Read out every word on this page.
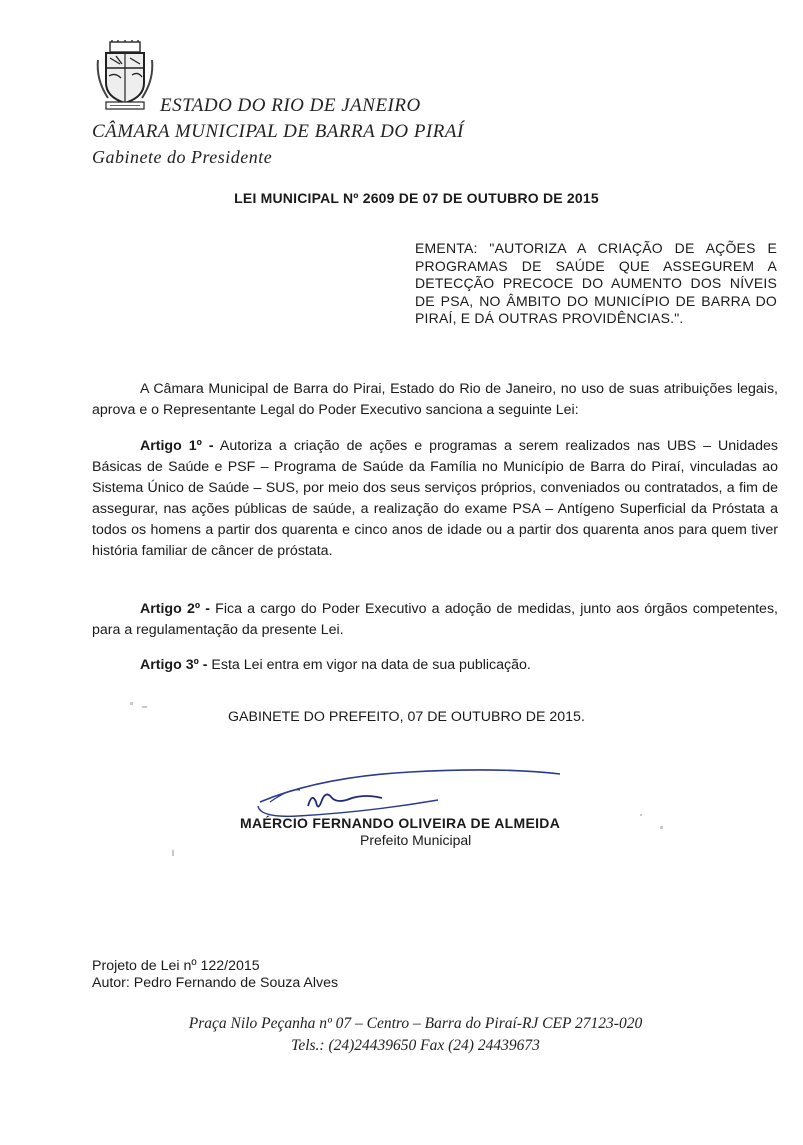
ESTADO DO RIO DE JANEIRO
CÂMARA MUNICIPAL DE BARRA DO PIRAÍ
Gabinete do Presidente
LEI MUNICIPAL Nº 2609 DE 07 DE OUTUBRO DE 2015
EMENTA: "AUTORIZA A CRIAÇÃO DE AÇÕES E PROGRAMAS DE SAÚDE QUE ASSEGUREM A DETECÇÃO PRECOCE DO AUMENTO DOS NÍVEIS DE PSA, NO ÂMBITO DO MUNICÍPIO DE BARRA DO PIRAÍ, E DÁ OUTRAS PROVIDÊNCIAS.".
A Câmara Municipal de Barra do Pirai, Estado do Rio de Janeiro, no uso de suas atribuições legais, aprova e o Representante Legal do Poder Executivo sanciona a seguinte Lei:
Artigo 1º - Autoriza a criação de ações e programas a serem realizados nas UBS – Unidades Básicas de Saúde e PSF – Programa de Saúde da Família no Município de Barra do Piraí, vinculadas ao Sistema Único de Saúde – SUS, por meio dos seus serviços próprios, conveniados ou contratados, a fim de assegurar, nas ações públicas de saúde, a realização do exame PSA – Antígeno Superficial da Próstata a todos os homens a partir dos quarenta e cinco anos de idade ou a partir dos quarenta anos para quem tiver história familiar de câncer de próstata.
Artigo 2º - Fica a cargo do Poder Executivo a adoção de medidas, junto aos órgãos competentes, para a regulamentação da presente Lei.
Artigo 3º - Esta Lei entra em vigor na data de sua publicação.
GABINETE DO PREFEITO, 07 DE OUTUBRO DE 2015.
MAÉRCIO FERNANDO OLIVEIRA DE ALMEIDA
Prefeito Municipal
Projeto de Lei nº 122/2015
Autor: Pedro Fernando de Souza Alves
Praça Nilo Peçanha nº 07 – Centro – Barra do Piraí-RJ CEP 27123-020
Tels.: (24)24439650 Fax (24) 24439673
